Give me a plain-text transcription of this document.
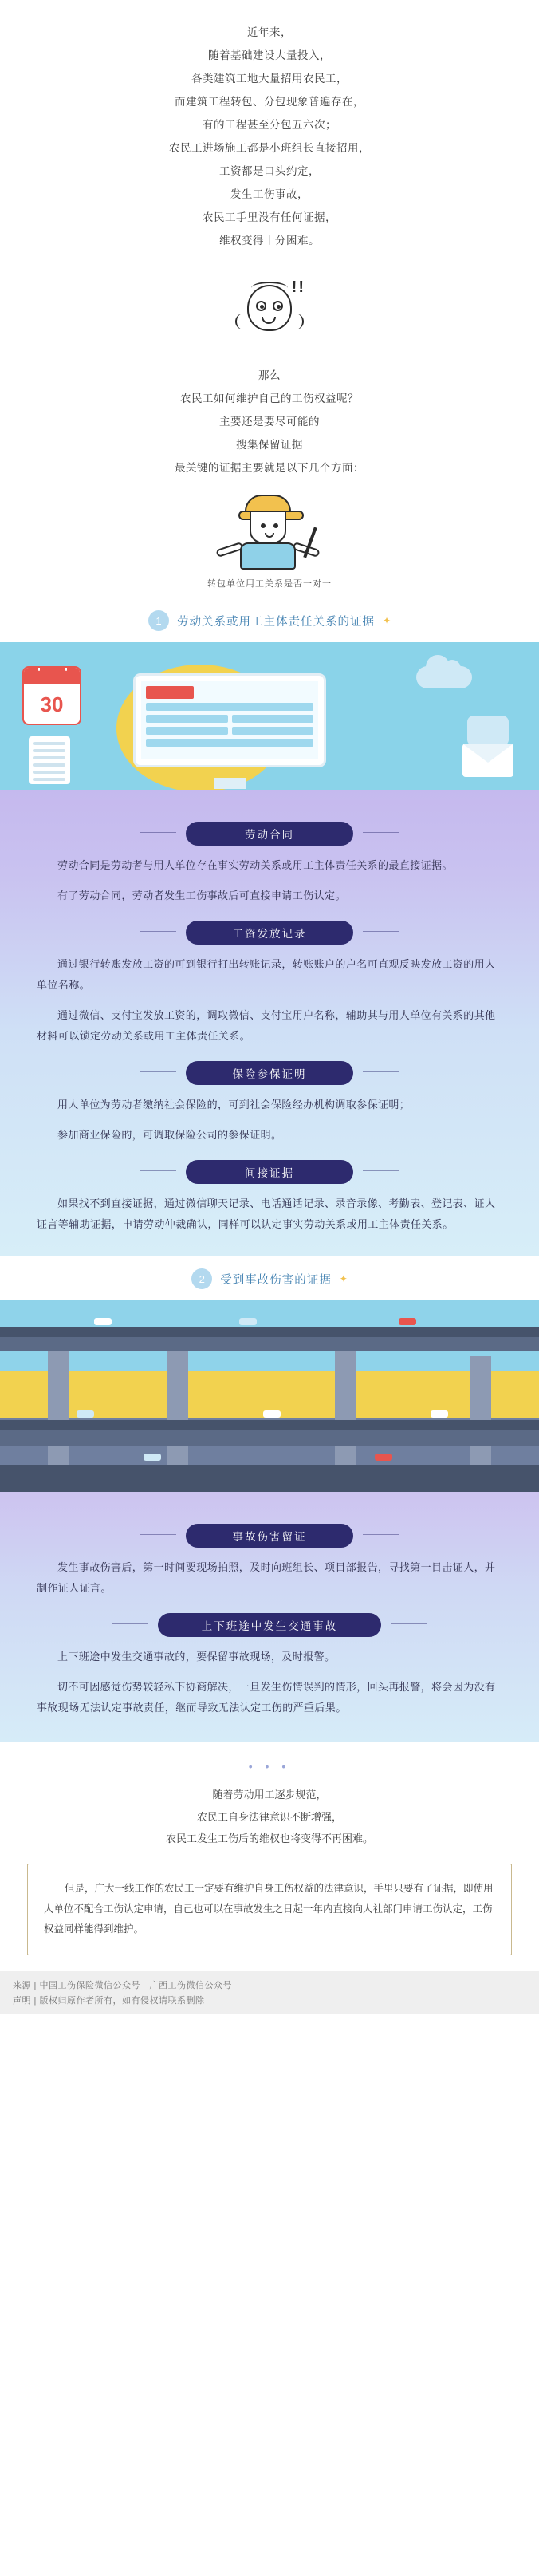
近年来，

随着基础建设大量投入，

各类建筑工地大量招用农民工，

而建筑工程转包、分包现象普遍存在，

有的工程甚至分包五六次；

农民工进场施工都是小班组长直接招用，

工资都是口头约定，

发生工伤事故，

农民工手里没有任何证据，

维权变得十分困难。

!!

那么

农民工如何维护自己的工伤权益呢？

主要还是要尽可能的

搜集保留证据

最关键的证据主要就是以下几个方面：

转包单位用工关系是否一对一
1	劳动关系或用工主体责任关系的证据 ✦
30
劳动合同

劳动合同是劳动者与用人单位存在事实劳动关系或用工主体责任关系的最直接证据。

有了劳动合同，劳动者发生工伤事故后可直接申请工伤认定。

工资发放记录

通过银行转账发放工资的可到银行打出转账记录，转账账户的户名可直观反映发放工资的用人单位名称。

通过微信、支付宝发放工资的，调取微信、支付宝用户名称，辅助其与用人单位有关系的其他材料可以锁定劳动关系或用工主体责任关系。

保险参保证明

用人单位为劳动者缴纳社会保险的，可到社会保险经办机构调取参保证明；

参加商业保险的，可调取保险公司的参保证明。

间接证据

如果找不到直接证据，通过微信聊天记录、电话通话记录、录音录像、考勤表、登记表、证人证言等辅助证据，申请劳动仲裁确认，同样可以认定事实劳动关系或用工主体责任关系。

2	受到事故伤害的证据 ✦
事故伤害留证

发生事故伤害后，第一时间要现场拍照，及时向班组长、项目部报告，寻找第一目击证人，并制作证人证言。

上下班途中发生交通事故

上下班途中发生交通事故的，要保留事故现场，及时报警。

切不可因感觉伤势较轻私下协商解决，一旦发生伤情误判的情形，回头再报警，将会因为没有事故现场无法认定事故责任，继而导致无法认定工伤的严重后果。

• • •

随着劳动用工逐步规范，

农民工自身法律意识不断增强，

农民工发生工伤后的维权也将变得不再困难。

但是，广大一线工作的农民工一定要有维护自身工伤权益的法律意识，手里只要有了证据，即使用人单位不配合工伤认定申请，自己也可以在事故发生之日起一年内直接向人社部门申请工伤认定，工伤权益同样能得到维护。
来源 | 中国工伤保险微信公众号　广西工伤微信公众号
声明 | 版权归原作者所有，如有侵权请联系删除
